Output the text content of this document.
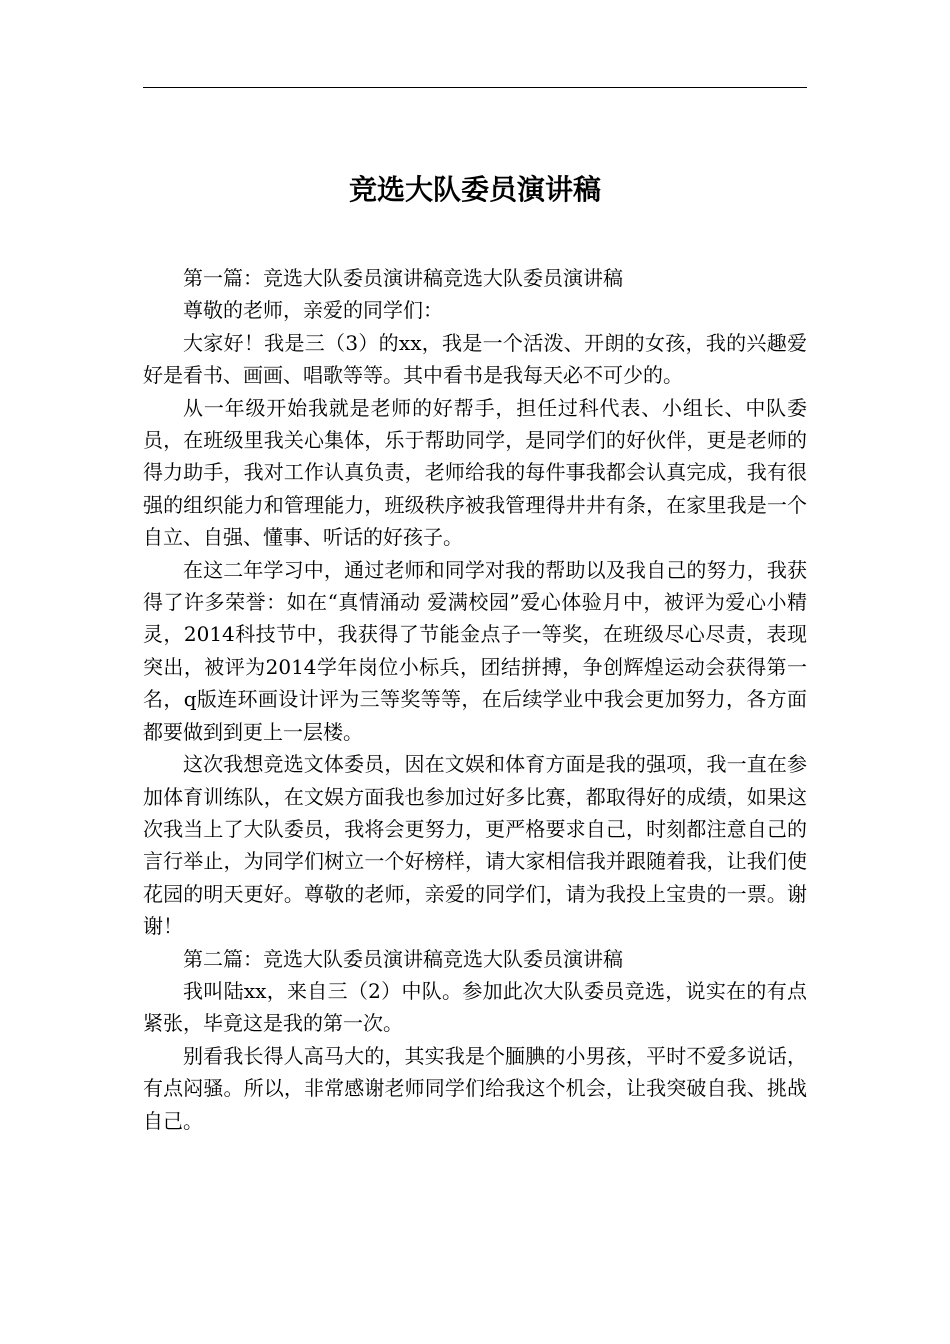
竞选大队委员演讲稿

第一篇：竞选大队委员演讲稿竞选大队委员演讲稿

尊敬的老师，亲爱的同学们：

大家好！我是三（3）的xx，我是一个活泼、开朗的女孩，我的兴趣爱好是看书、画画、唱歌等等。其中看书是我每天必不可少的。

从一年级开始我就是老师的好帮手，担任过科代表、小组长、中队委员，在班级里我关心集体，乐于帮助同学，是同学们的好伙伴，更是老师的得力助手，我对工作认真负责，老师给我的每件事我都会认真完成，我有很强的组织能力和管理能力，班级秩序被我管理得井井有条，在家里我是一个自立、自强、懂事、听话的好孩子。

在这二年学习中，通过老师和同学对我的帮助以及我自己的努力，我获得了许多荣誉：如在“真情涌动 爱满校园”爱心体验月中，被评为爱心小精灵，2014科技节中，我获得了节能金点子一等奖，在班级尽心尽责，表现突出，被评为2014学年岗位小标兵，团结拼搏，争创辉煌运动会获得第一名，q版连环画设计评为三等奖等等，在后续学业中我会更加努力，各方面都要做到到更上一层楼。

这次我想竞选文体委员，因在文娱和体育方面是我的强项，我一直在参加体育训练队，在文娱方面我也参加过好多比赛，都取得好的成绩，如果这次我当上了大队委员，我将会更努力，更严格要求自己，时刻都注意自己的言行举止，为同学们树立一个好榜样，请大家相信我并跟随着我，让我们使花园的明天更好。尊敬的老师，亲爱的同学们，请为我投上宝贵的一票。谢谢！

第二篇：竞选大队委员演讲稿竞选大队委员演讲稿

我叫陆xx，来自三（2）中队。参加此次大队委员竞选，说实在的有点紧张，毕竟这是我的第一次。

别看我长得人高马大的，其实我是个腼腆的小男孩，平时不爱多说话，有点闷骚。所以，非常感谢老师同学们给我这个机会，让我突破自我、挑战自己。
